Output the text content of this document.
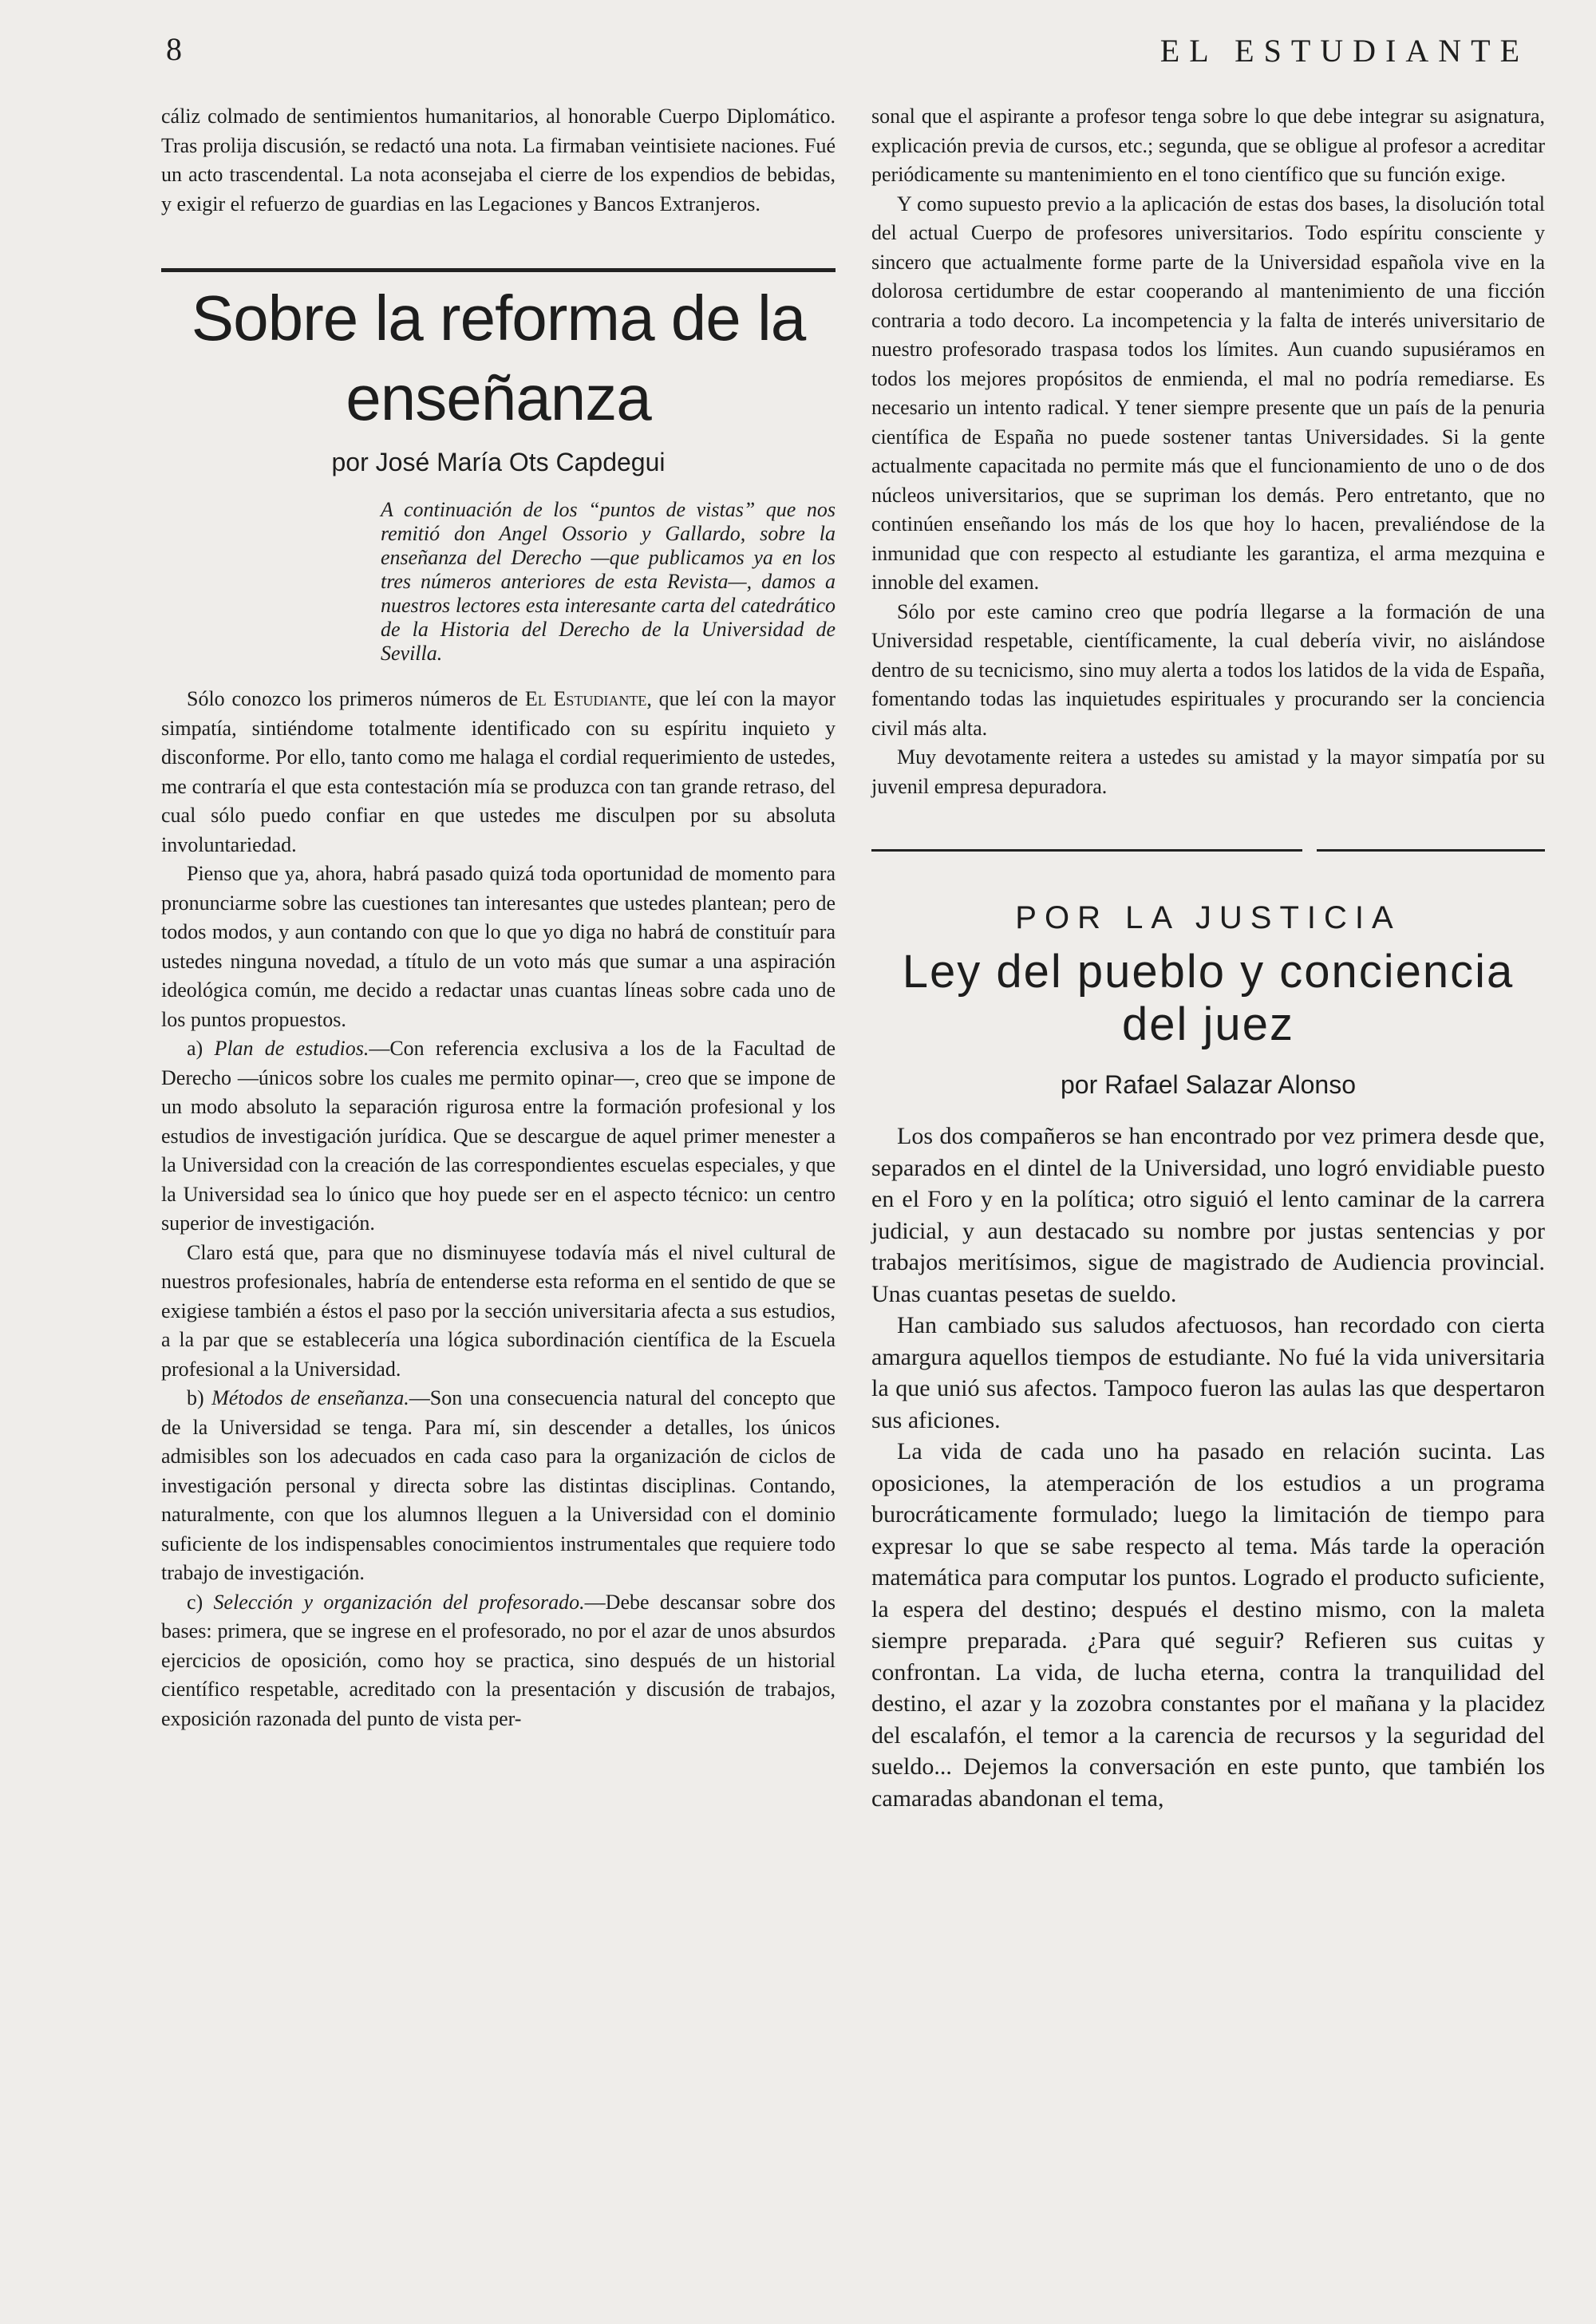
8	EL ESTUDIANTE

cáliz colmado de sentimientos humanitarios, al honorable Cuerpo Diplomático. Tras prolija discusión, se redactó una nota. La firmaban veintisiete naciones. Fué un acto trascendental. La nota aconsejaba el cierre de los expendios de bebidas, y exigir el refuerzo de guardias en las Legaciones y Bancos Extranjeros.

Sobre la reforma de la enseñanza
por José María Ots Capdegui

A continuación de los “puntos de vistas” que nos remitió don Angel Ossorio y Gallardo, sobre la enseñanza del Derecho —que publicamos ya en los tres números anteriores de esta Revista—, damos a nuestros lectores esta interesante carta del catedrático de la Historia del Derecho de la Universidad de Sevilla.

Sólo conozco los primeros números de El Estudiante, que leí con la mayor simpatía, sintiéndome totalmente identificado con su espíritu inquieto y disconforme. Por ello, tanto como me halaga el cordial requerimiento de ustedes, me contraría el que esta contestación mía se produzca con tan grande retraso, del cual sólo puedo confiar en que ustedes me disculpen por su absoluta involuntariedad.

Pienso que ya, ahora, habrá pasado quizá toda oportunidad de momento para pronunciarme sobre las cuestiones tan interesantes que ustedes plantean; pero de todos modos, y aun contando con que lo que yo diga no habrá de constituír para ustedes ninguna novedad, a título de un voto más que sumar a una aspiración ideológica común, me decido a redactar unas cuantas líneas sobre cada uno de los puntos propuestos.

a) Plan de estudios.—Con referencia exclusiva a los de la Facultad de Derecho —únicos sobre los cuales me permito opinar—, creo que se impone de un modo absoluto la separación rigurosa entre la formación profesional y los estudios de investigación jurídica. Que se descargue de aquel primer menester a la Universidad con la creación de las correspondientes escuelas especiales, y que la Universidad sea lo único que hoy puede ser en el aspecto técnico: un centro superior de investigación.

Claro está que, para que no disminuyese todavía más el nivel cultural de nuestros profesionales, habría de entenderse esta reforma en el sentido de que se exigiese también a éstos el paso por la sección universitaria afecta a sus estudios, a la par que se establecería una lógica subordinación científica de la Escuela profesional a la Universidad.

b) Métodos de enseñanza.—Son una consecuencia natural del concepto que de la Universidad se tenga. Para mí, sin descender a detalles, los únicos admisibles son los adecuados en cada caso para la organización de ciclos de investigación personal y directa sobre las distintas disciplinas. Contando, naturalmente, con que los alumnos lleguen a la Universidad con el dominio suficiente de los indispensables conocimientos instrumentales que requiere todo trabajo de investigación.

c) Selección y organización del profesorado.—Debe descansar sobre dos bases: primera, que se ingrese en el profesorado, no por el azar de unos absurdos ejercicios de oposición, como hoy se practica, sino después de un historial científico respetable, acreditado con la presentación y discusión de trabajos, exposición razonada del punto de vista per-

sonal que el aspirante a profesor tenga sobre lo que debe integrar su asignatura, explicación previa de cursos, etc.; segunda, que se obligue al profesor a acreditar periódicamente su mantenimiento en el tono científico que su función exige.

Y como supuesto previo a la aplicación de estas dos bases, la disolución total del actual Cuerpo de profesores universitarios. Todo espíritu consciente y sincero que actualmente forme parte de la Universidad española vive en la dolorosa certidumbre de estar cooperando al mantenimiento de una ficción contraria a todo decoro. La incompetencia y la falta de interés universitario de nuestro profesorado traspasa todos los límites. Aun cuando supusiéramos en todos los mejores propósitos de enmienda, el mal no podría remediarse. Es necesario un intento radical. Y tener siempre presente que un país de la penuria científica de España no puede sostener tantas Universidades. Si la gente actualmente capacitada no permite más que el funcionamiento de uno o de dos núcleos universitarios, que se supriman los demás. Pero entretanto, que no continúen enseñando los más de los que hoy lo hacen, prevaliéndose de la inmunidad que con respecto al estudiante les garantiza, el arma mezquina e innoble del examen.

Sólo por este camino creo que podría llegarse a la formación de una Universidad respetable, científicamente, la cual debería vivir, no aislándose dentro de su tecnicismo, sino muy alerta a todos los latidos de la vida de España, fomentando todas las inquietudes espirituales y procurando ser la conciencia civil más alta.

Muy devotamente reitera a ustedes su amistad y la mayor simpatía por su juvenil empresa depuradora.

POR LA JUSTICIA
Ley del pueblo y conciencia del juez
por Rafael Salazar Alonso

Los dos compañeros se han encontrado por vez primera desde que, separados en el dintel de la Universidad, uno logró envidiable puesto en el Foro y en la política; otro siguió el lento caminar de la carrera judicial, y aun destacado su nombre por justas sentencias y por trabajos meritísimos, sigue de magistrado de Audiencia provincial. Unas cuantas pesetas de sueldo.

Han cambiado sus saludos afectuosos, han recordado con cierta amargura aquellos tiempos de estudiante. No fué la vida universitaria la que unió sus afectos. Tampoco fueron las aulas las que despertaron sus aficiones.

La vida de cada uno ha pasado en relación sucinta. Las oposiciones, la atemperación de los estudios a un programa burocráticamente formulado; luego la limitación de tiempo para expresar lo que se sabe respecto al tema. Más tarde la operación matemática para computar los puntos. Logrado el producto suficiente, la espera del destino; después el destino mismo, con la maleta siempre preparada. ¿Para qué seguir? Refieren sus cuitas y confrontan. La vida, de lucha eterna, contra la tranquilidad del destino, el azar y la zozobra constantes por el mañana y la placidez del escalafón, el temor a la carencia de recursos y la seguridad del sueldo... Dejemos la conversación en este punto, que también los camaradas abandonan el tema,
